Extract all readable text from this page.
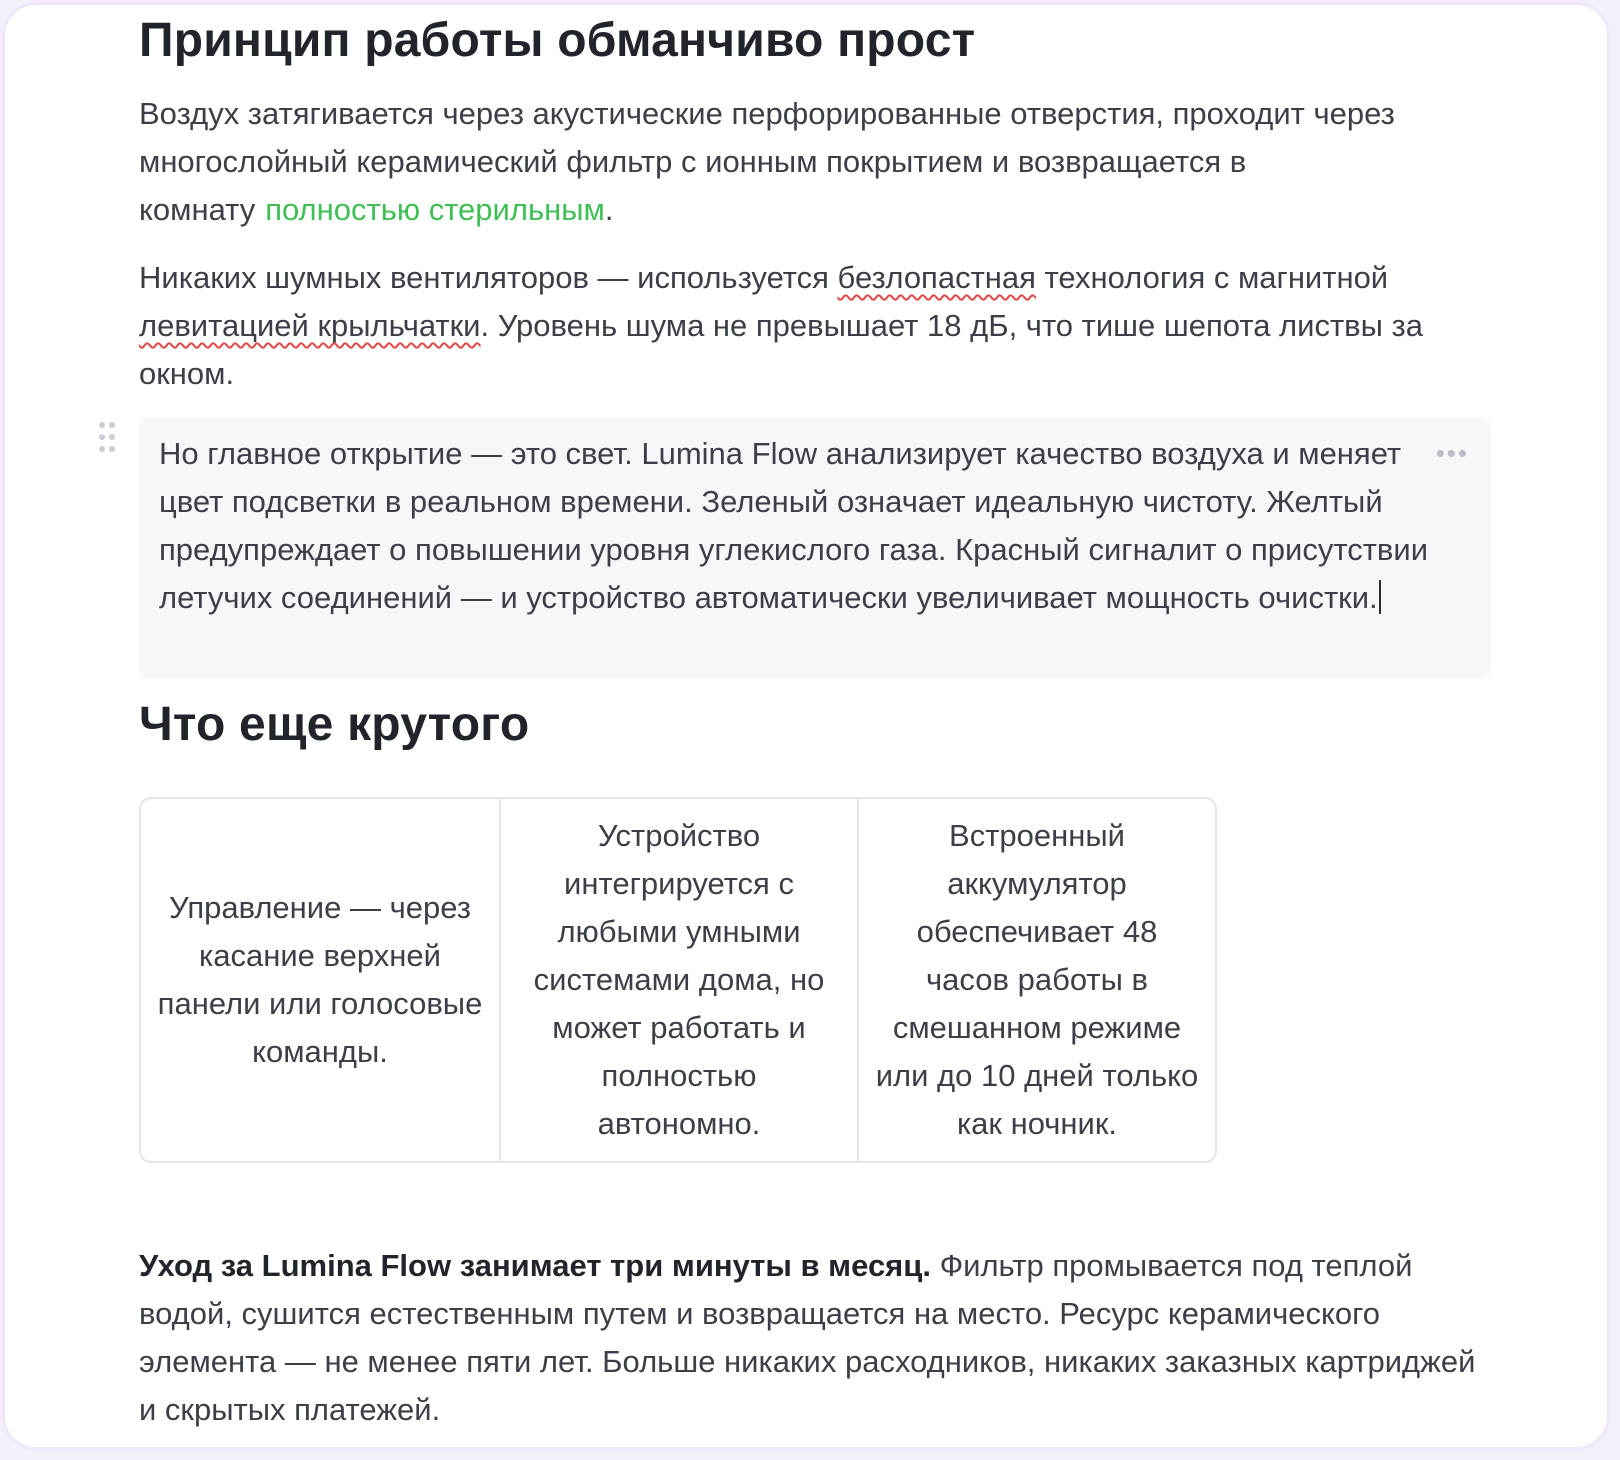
Принцип работы обманчиво прост

Воздух затягивается через акустические перфорированные отверстия, проходит через многослойный керамический фильтр с ионным покрытием и возвращается в комнату полностью стерильным.

Никаких шумных вентиляторов — используется безлопастная технология с магнитной левитацией крыльчатки. Уровень шума не превышает 18 дБ, что тише шепота листвы за окном.

Но главное открытие — это свет. Lumina Flow анализирует качество воздуха и меняет цвет подсветки в реальном времени. Зеленый означает идеальную чистоту. Желтый предупреждает о повышении уровня углекислого газа. Красный сигналит о присутствии летучих соединений — и устройство автоматически увеличивает мощность очистки.

•••
Что еще крутого
Управление — через касание верхней панели или голосовые команды.	Устройство интегрируется с любыми умными системами дома, но может работать и полностью автономно.	Встроенный аккумулятор обеспечивает 48 часов работы в смешанном режиме или до 10 дней только как ночник.

Уход за Lumina Flow занимает три минуты в месяц. Фильтр промывается под теплой водой, сушится естественным путем и возвращается на место. Ресурс керамического элемента — не менее пяти лет. Больше никаких расходников, никаких заказных картриджей и скрытых платежей.
